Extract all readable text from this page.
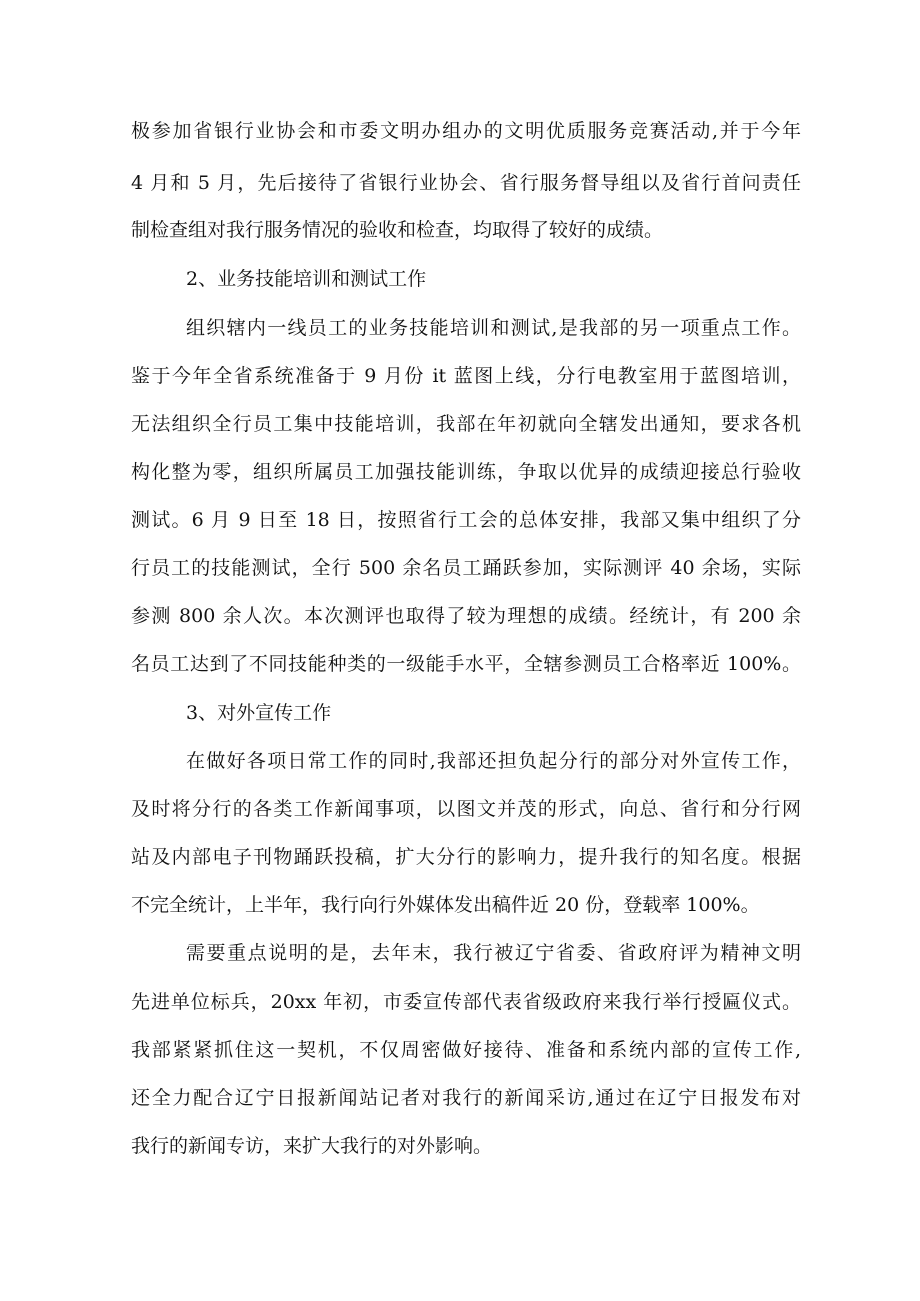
极参加省银行业协会和市委文明办组办的文明优质服务竞赛活动,并于今年
4 月和 5 月，先后接待了省银行业协会、省行服务督导组以及省行首问责任
制检查组对我行服务情况的验收和检查，均取得了较好的成绩。
2、业务技能培训和测试工作
组织辖内一线员工的业务技能培训和测试,是我部的另一项重点工作。
鉴于今年全省系统准备于 9 月份 it 蓝图上线，分行电教室用于蓝图培训，
无法组织全行员工集中技能培训，我部在年初就向全辖发出通知，要求各机
构化整为零，组织所属员工加强技能训练，争取以优异的成绩迎接总行验收
测试。6 月 9 日至 18 日，按照省行工会的总体安排，我部又集中组织了分
行员工的技能测试，全行 500 余名员工踊跃参加，实际测评 40 余场，实际
参测 800 余人次。本次测评也取得了较为理想的成绩。经统计，有 200 余
名员工达到了不同技能种类的一级能手水平，全辖参测员工合格率近 100%。
3、对外宣传工作
在做好各项日常工作的同时,我部还担负起分行的部分对外宣传工作，
及时将分行的各类工作新闻事项，以图文并茂的形式，向总、省行和分行网
站及内部电子刊物踊跃投稿，扩大分行的影响力，提升我行的知名度。根据
不完全统计，上半年，我行向行外媒体发出稿件近 20 份，登载率 100%。
需要重点说明的是，去年末，我行被辽宁省委、省政府评为精神文明
先进单位标兵，20xx 年初，市委宣传部代表省级政府来我行举行授匾仪式。
我部紧紧抓住这一契机，不仅周密做好接待、准备和系统内部的宣传工作,
还全力配合辽宁日报新闻站记者对我行的新闻采访,通过在辽宁日报发布对
我行的新闻专访，来扩大我行的对外影响。
